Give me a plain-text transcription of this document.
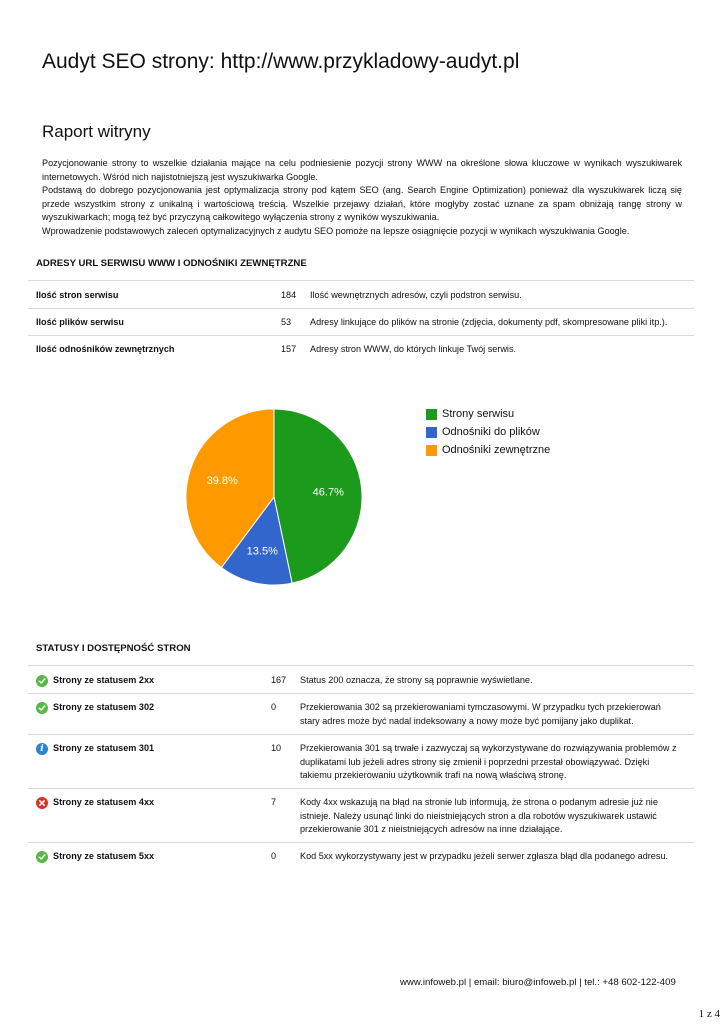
Audyt SEO strony: http://www.przykladowy-audyt.pl
Raport witryny

Pozycjonowanie strony to wszelkie działania mające na celu podniesienie pozycji strony WWW na określone słowa kluczowe w wynikach wyszukiwarek internetowych. Wśród nich najistotniejszą jest wyszukiwarka Google.

Podstawą do dobrego pozycjonowania jest optymalizacja strony pod kątem SEO (ang. Search Engine Optimization) ponieważ dla wyszukiwarek liczą się przede wszystkim strony z unikalną i wartościową treścią. Wszelkie przejawy działań, które mogłyby zostać uznane za spam obniżają rangę strony w wyszukiwarkach; mogą też być przyczyną całkowitego wyłączenia strony z wyników wyszukiwania.

Wprowadzenie podstawowych zaleceń optymalizacyjnych z audytu SEO pomoże na lepsze osiągnięcie pozycji w wynikach wyszukiwania Google.

ADRESY URL SERWISU WWW I ODNOŚNIKI ZEWNĘTRZNE
Ilość stron serwisu	184 Ilość wewnętrznych adresów, czyli podstron serwisu.
Ilość plików serwisu	53 Adresy linkujące do plików na stronie (zdjęcia, dokumenty pdf, skompresowane pliki itp.).
Ilość odnośników zewnętrznych	157 Adresy stron WWW, do których linkuje Twój serwis.
46.7%
13.5%
39.8%
Strony serwisu
Odnośniki do plików
Odnośniki zewnętrzne
STATUSY I DOSTĘPNOŚĆ STRON
Strony ze statusem 2xx	167 Status 200 oznacza, że strony są poprawnie wyświetlane.
Strony ze statusem 302	0	Przekierowania 302 są przekierowaniami tymczasowymi. W przypadku tych przekierowań
stary adres może być nadal indeksowany a nowy może być pomijany jako duplikat.
i Strony ze statusem 301	10 Przekierowania 301 są trwałe i zazwyczaj są wykorzystywane do rozwiązywania problemów z
duplikatami lub jeżeli adres strony się zmienił i poprzedni przestał obowiązywać. Dzięki
takiemu przekierowaniu użytkownik trafi na nową właściwą stronę.
Strony ze statusem 4xx	7	Kody 4xx wskazują na błąd na stronie lub informują, że strona o podanym adresie już nie
istnieje. Należy usunąć linki do nieistniejących stron a dla robotów wyszukiwarek ustawić
przekierowanie 301 z nieistniejących adresów na inne działające.
Strony ze statusem 5xx	0	Kod 5xx wykorzystywany jest w przypadku jeżeli serwer zgłasza błąd dla podanego adresu.
www.infoweb.pl | email: biuro@infoweb.pl | tel.: +48 602-122-409
1 z 4
